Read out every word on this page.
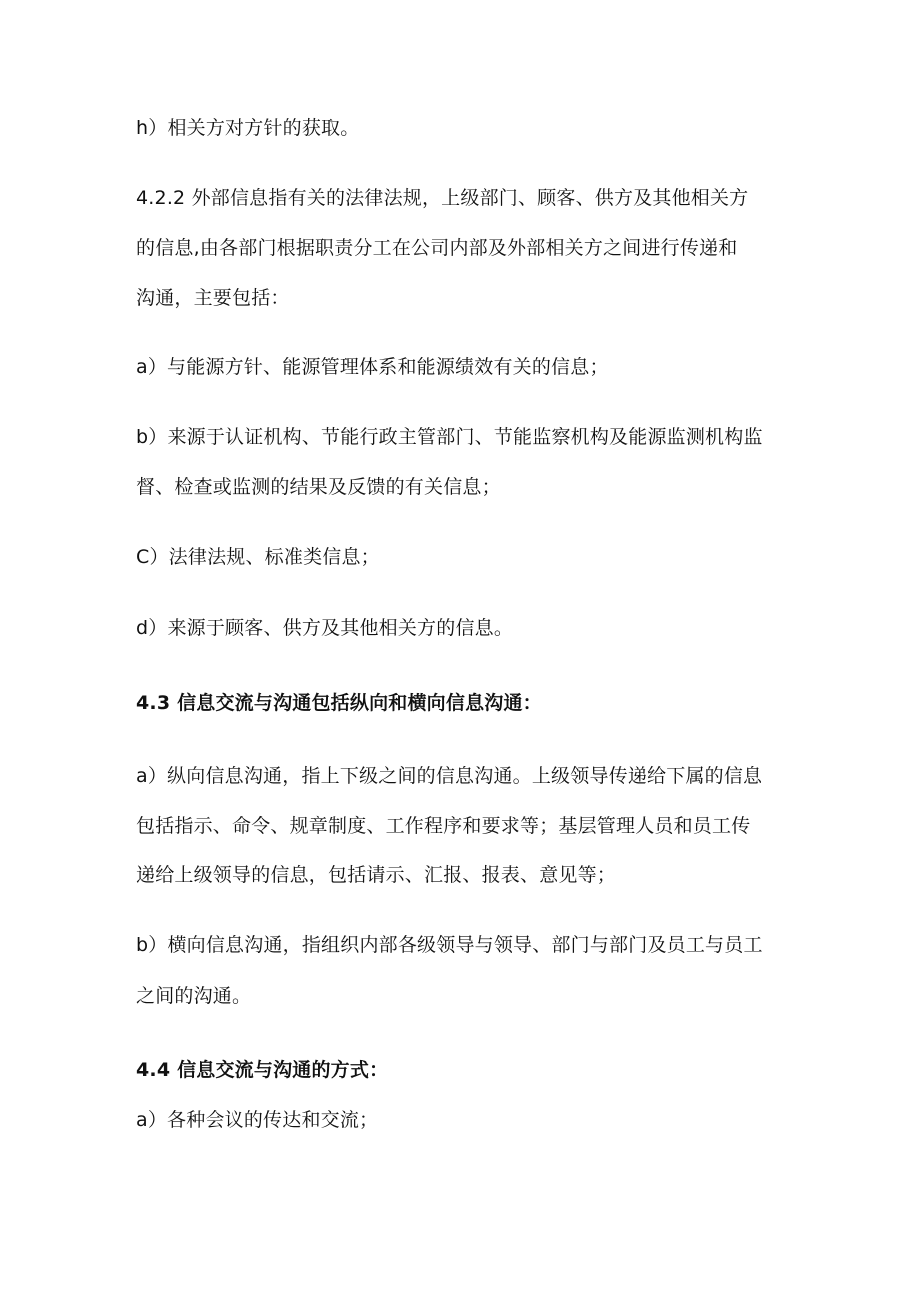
h）相关方对方针的获取。
4.2.2 外部信息指有关的法律法规，上级部门、顾客、供方及其他相关方
的信息,由各部门根据职责分工在公司内部及外部相关方之间进行传递和
沟通，主要包括：
a）与能源方针、能源管理体系和能源绩效有关的信息；
b）来源于认证机构、节能行政主管部门、节能监察机构及能源监测机构监
督、检查或监测的结果及反馈的有关信息；
C）法律法规、标准类信息；
d）来源于顾客、供方及其他相关方的信息。
4.3 信息交流与沟通包括纵向和横向信息沟通：
a）纵向信息沟通，指上下级之间的信息沟通。上级领导传递给下属的信息
包括指示、命令、规章制度、工作程序和要求等；基层管理人员和员工传
递给上级领导的信息，包括请示、汇报、报表、意见等；
b）横向信息沟通，指组织内部各级领导与领导、部门与部门及员工与员工
之间的沟通。
4.4 信息交流与沟通的方式：
a）各种会议的传达和交流；
